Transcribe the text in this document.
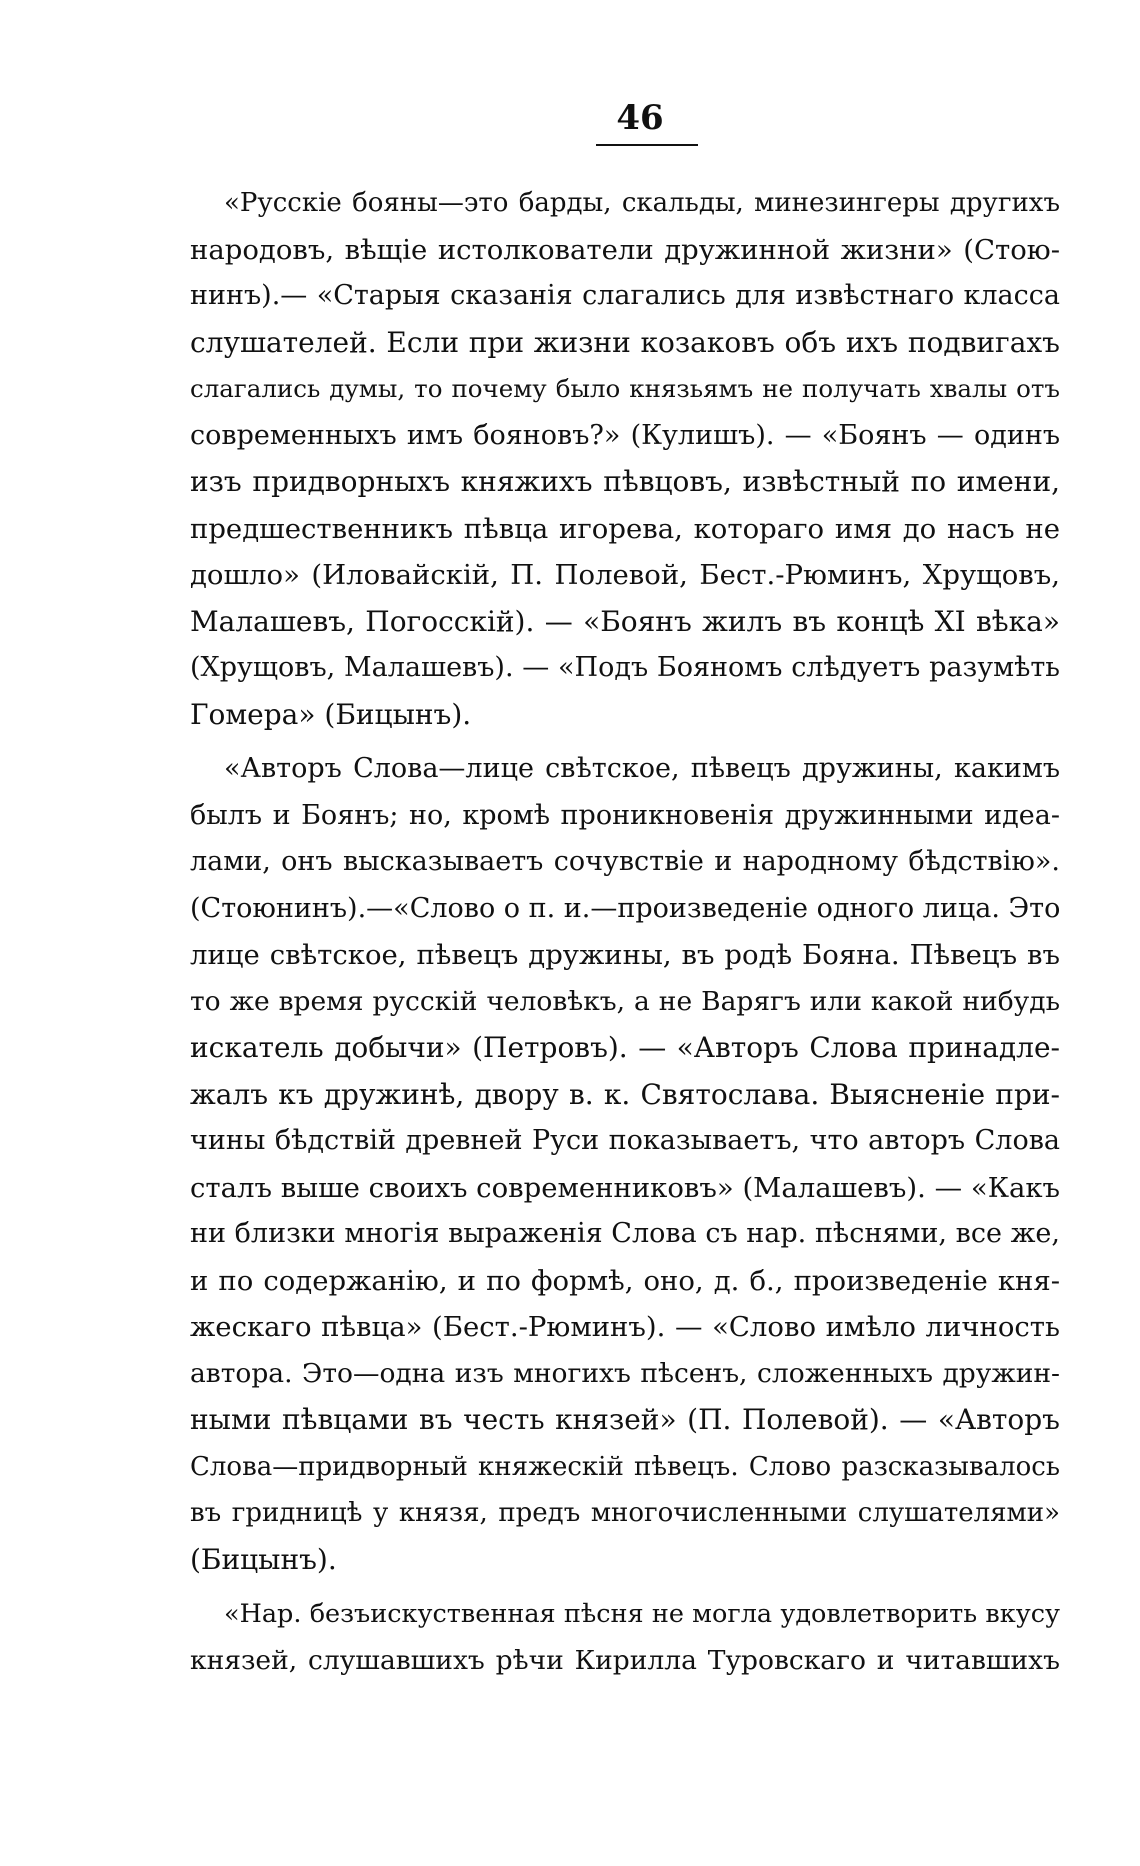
46
«Русскіе бояны—это барды, скальды, минезингеры другихъ
народовъ, вѣщіе истолкователи дружинной жизни» (Стою-
нинъ).— «Старыя сказанія слагались для извѣстнаго класса
слушателей. Если при жизни козаковъ объ ихъ подвигахъ
слагались думы, то почему было князьямъ не получать хвалы отъ
современныхъ имъ бояновъ?» (Кулишъ). — «Боянъ — одинъ
изъ придворныхъ княжихъ пѣвцовъ, извѣстный по имени,
предшественникъ пѣвца игорева, котораго имя до насъ не
дошло» (Иловайскій, П. Полевой, Бест.-Рюминъ, Хрущовъ,
Малашевъ, Погосскій). — «Боянъ жилъ въ концѣ XI вѣка»
(Хрущовъ, Малашевъ). — «Подъ Бояномъ слѣдуетъ разумѣть
Гомера» (Бицынъ).
«Авторъ Слова—лице свѣтское, пѣвецъ дружины, какимъ
былъ и Боянъ; но, кромѣ проникновенія дружинными идеа-
лами, онъ высказываетъ сочувствіе и народному бѣдствію».
(Стоюнинъ).—«Слово о п. и.—произведеніе одного лица. Это
лице свѣтское, пѣвецъ дружины, въ родѣ Бояна. Пѣвецъ въ
то же время русскій человѣкъ, а не Варягъ или какой нибудь
искатель добычи» (Петровъ). — «Авторъ Слова принадле-
жалъ къ дружинѣ, двору в. к. Святослава. Выясненіе при-
чины бѣдствій древней Руси показываетъ, что авторъ Слова
сталъ выше своихъ современниковъ» (Малашевъ). — «Какъ
ни близки многія выраженія Слова съ нар. пѣснями, все же,
и по содержанію, и по формѣ, оно, д. б., произведеніе кня-
жескаго пѣвца» (Бест.-Рюминъ). — «Слово имѣло личность
автора. Это—одна изъ многихъ пѣсенъ, сложенныхъ дружин-
ными пѣвцами въ честь князей» (П. Полевой). — «Авторъ
Слова—придворный княжескій пѣвецъ. Слово разсказывалось
въ гридницѣ у князя, предъ многочисленными слушателями»
(Бицынъ).
«Нар. безъискуственная пѣсня не могла удовлетворить вкусу
князей, слушавшихъ рѣчи Кирилла Туровскаго и читавшихъ
